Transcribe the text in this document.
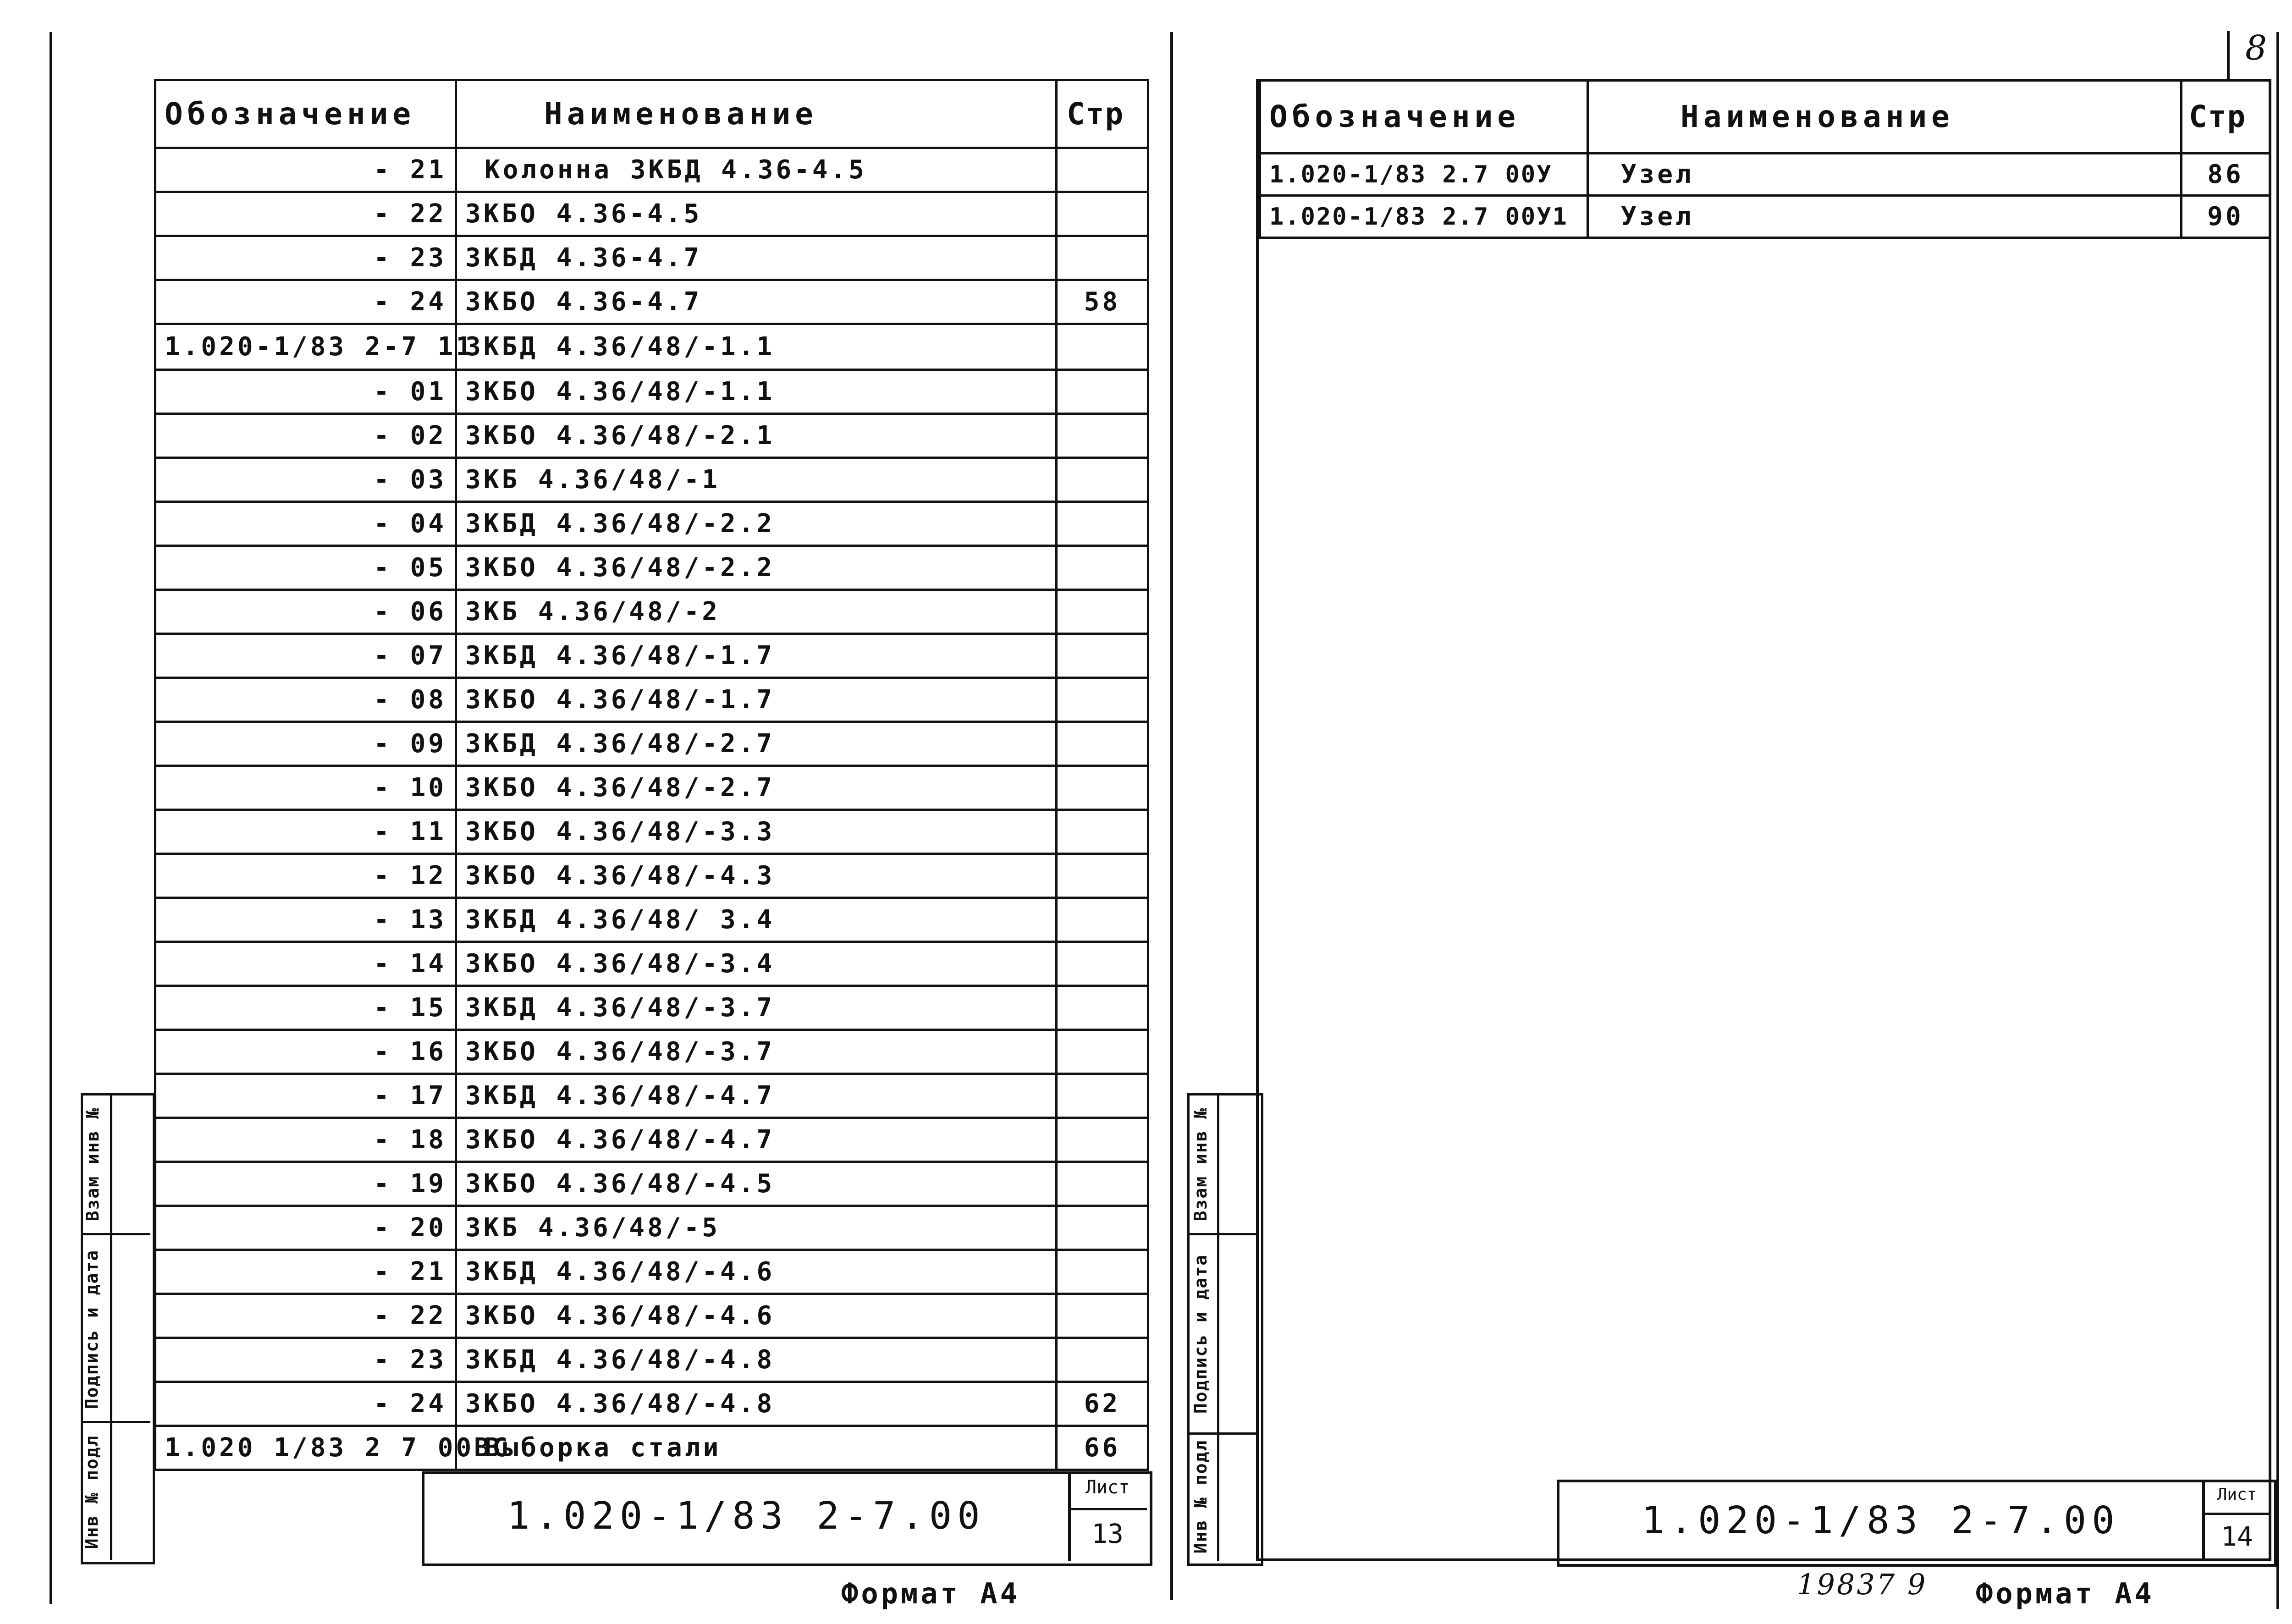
Взам инв №
Подпись и дата
Инв № подл
Обозначение	Наименование	Стр
- 21	Колонна 3КБД 4.36-4.5	
- 22	3КБО 4.36-4.5	
- 23	3КБД 4.36-4.7	
- 24	3КБО 4.36-4.7	58
1.020-1/83 2-7 11	3КБД 4.36/48/-1.1	
- 01	3КБО 4.36/48/-1.1	
- 02	3КБО 4.36/48/-2.1	
- 03	3КБ 4.36/48/-1	
- 04	3КБД 4.36/48/-2.2	
- 05	3КБО 4.36/48/-2.2	
- 06	3КБ 4.36/48/-2	
- 07	3КБД 4.36/48/-1.7	
- 08	3КБО 4.36/48/-1.7	
- 09	3КБД 4.36/48/-2.7	
- 10	3КБО 4.36/48/-2.7	
- 11	3КБО 4.36/48/-3.3	
- 12	3КБО 4.36/48/-4.3	
- 13	3КБД 4.36/48/ 3.4	
- 14	3КБО 4.36/48/-3.4	
- 15	3КБД 4.36/48/-3.7	
- 16	3КБО 4.36/48/-3.7	
- 17	3КБД 4.36/48/-4.7	
- 18	3КБО 4.36/48/-4.7	
- 19	3КБО 4.36/48/-4.5	
- 20	3КБ 4.36/48/-5	
- 21	3КБД 4.36/48/-4.6	
- 22	3КБО 4.36/48/-4.6	
- 23	3КБД 4.36/48/-4.8	
- 24	3КБО 4.36/48/-4.8	62
1.020 1/83 2 7 00ВС	Выборка стали	66
1.020-1/83 2-7.00
Лист
13
Формат А4
8
Взам инв №
Подпись и дата
Инв № подл
Обозначение	Наименование	Стр
1.020-1/83 2.7 00У	Узел	86
1.020-1/83 2.7 00У1	Узел	90
1.020-1/83 2-7.00
Лист
14
19837 9 Формат А4
